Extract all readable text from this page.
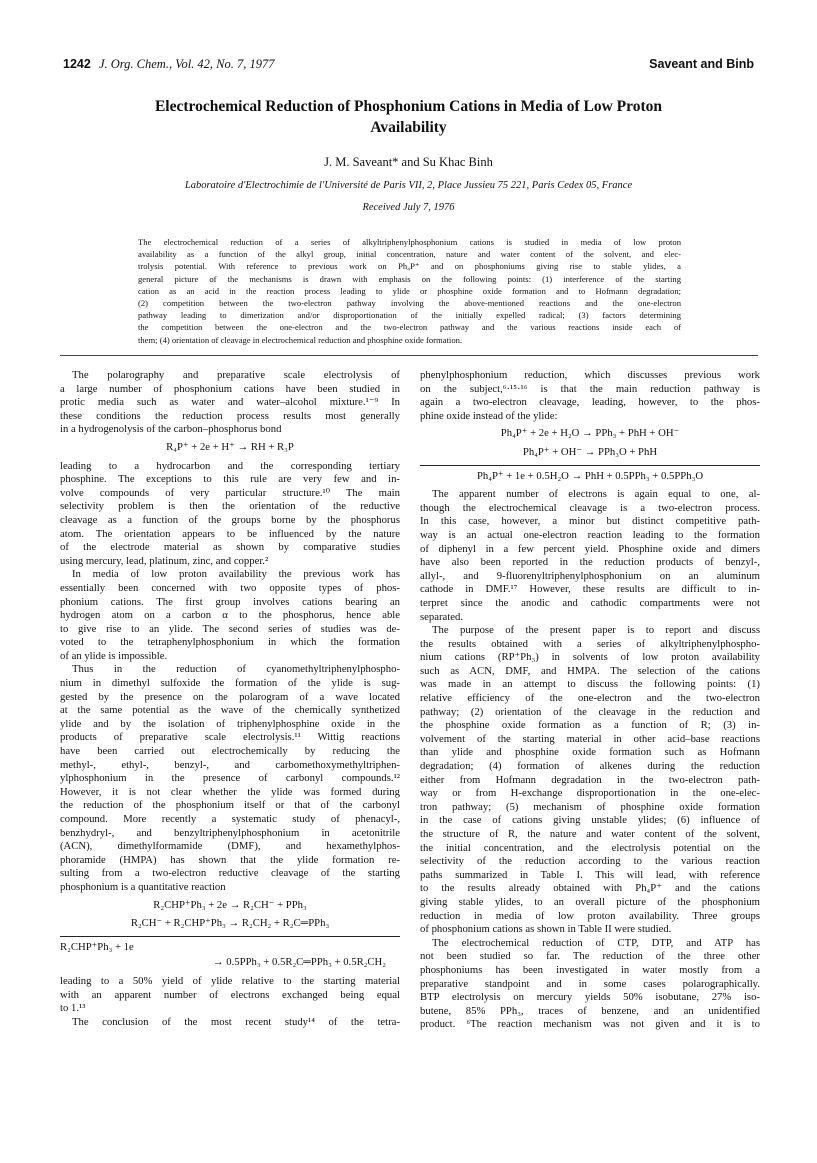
1242 J. Org. Chem., Vol. 42, No. 7, 1977	Saveant and Binb
Electrochemical Reduction of Phosphonium Cations in Media of Low Proton Availability
J. M. Saveant* and Su Khac Binh
Laboratoire d'Electrochimie de l'Université de Paris VII, 2, Place Jussieu 75 221, Paris Cedex 05, France
Received July 7, 1976
The electrochemical reduction of a series of alkyltriphenylphosphonium cations is studied in media of low proton
availability as a function of the alkyl group, initial concentration, nature and water content of the solvent, and elec-
trolysis potential. With reference to previous work on Ph₄P⁺ and on phosphoniums giving rise to stable ylides, a
general picture of the mechanisms is drawn with emphasis on the following points: (1) interference of the starting
cation as an acid in the reaction process leading to ylide or phosphine oxide formation and to Hofmann degradation;
(2) competition between the two-electron pathway involving the above-mentioned reactions and the one-electron
pathway leading to dimerization and/or disproportionation of the initially expelled radical; (3) factors determining
the competition between the one-electron and the two-electron pathway and the various reactions inside each of
them; (4) orientation of cleavage in electrochemical reduction and phosphine oxide formation.
The polarography and preparative scale electrolysis of
a large number of phosphonium cations have been studied in
protic media such as water and water–alcohol mixture.¹⁻⁹ In
these conditions the reduction process results most generally
in a hydrogenolysis of the carbon–phosphorus bond
R₄P⁺ + 2e + H⁺ → RH + R₃P
leading to a hydrocarbon and the corresponding tertiary
phosphine. The exceptions to this rule are very few and in-
volve compounds of very particular structure.¹⁰ The main
selectivity problem is then the orientation of the reductive
cleavage as a function of the groups borne by the phosphorus
atom. The orientation appears to be influenced by the nature
of the electrode material as shown by comparative studies
using mercury, lead, platinum, zinc, and copper.²
In media of low proton availability the previous work has
essentially been concerned with two opposite types of phos-
phonium cations. The first group involves cations bearing an
hydrogen atom on a carbon α to the phosphorus, hence able
to give rise to an ylide. The second series of studies was de-
voted to the tetraphenylphosphonium in which the formation
of an ylide is impossible.
Thus in the reduction of cyanomethyltriphenylphospho-
nium in dimethyl sulfoxide the formation of the ylide is sug-
gested by the presence on the polarogram of a wave located
at the same potential as the wave of the chemically synthetized
ylide and by the isolation of triphenylphosphine oxide in the
products of preparative scale electrolysis.¹¹ Wittig reactions
have been carried out electrochemically by reducing the
methyl-, ethyl-, benzyl-, and carbomethoxymethyltriphen-
ylphosphonium in the presence of carbonyl compounds.¹²
However, it is not clear whether the ylide was formed during
the reduction of the phosphonium itself or that of the carbonyl
compound. More recently a systematic study of phenacyl-,
benzhydryl-, and benzyltriphenylphosphonium in acetonitrile
(ACN), dimethylformamide (DMF), and hexamethylphos-
phoramide (HMPA) has shown that the ylide formation re-
sulting from a two-electron reductive cleavage of the starting
phosphonium is a quantitative reaction
R₂CHP⁺Ph₃ + 2e → R₂CH⁻ + PPh₃
R₂CH⁻ + R₂CHP⁺Ph₃ → R₂CH₂ + R₂C═PPh₃
R₂CHP⁺Ph₃ + 1e
→ 0.5PPh₃ + 0.5R₂C═PPh₃ + 0.5R₂CH₂
leading to a 50% yield of ylide relative to the starting material
with an apparent number of electrons exchanged being equal
to 1.¹³
The conclusion of the most recent study¹⁴ of the tetra-
phenylphosphonium reduction, which discusses previous work
on the subject,⁶·¹⁵·¹⁶ is that the main reduction pathway is
again a two-electron cleavage, leading, however, to the phos-
phine oxide instead of the ylide:
Ph₄P⁺ + 2e + H₂O → PPh₃ + PhH + OH⁻
Ph₄P⁺ + OH⁻ → PPh₃O + PhH
Ph₄P⁺ + 1e + 0.5H₂O → PhH + 0.5PPh₃ + 0.5PPh₃O
The apparent number of electrons is again equal to one, al-
though the electrochemical cleavage is a two-electron process.
In this case, however, a minor but distinct competitive path-
way is an actual one-electron reaction leading to the formation
of diphenyl in a few percent yield. Phosphine oxide and dimers
have also been reported in the reduction products of benzyl-,
allyl-, and 9-fluorenyltriphenylphosphonium on an aluminum
cathode in DMF.¹⁷ However, these results are difficult to in-
terpret since the anodic and cathodic compartments were not
separated.
The purpose of the present paper is to report and discuss
the results obtained with a series of alkyltriphenylphospho-
nium cations (RP⁺Ph₃) in solvents of low proton availability
such as ACN, DMF, and HMPA. The selection of the cations
was made in an attempt to discuss the following points: (1)
relative efficiency of the one-electron and the two-electron
pathway; (2) orientation of the cleavage in the reduction and
the phosphine oxide formation as a function of R; (3) in-
volvement of the starting material in other acid–base reactions
than ylide and phosphine oxide formation such as Hofmann
degradation; (4) formation of alkenes during the reduction
either from Hofmann degradation in the two-electron path-
way or from H-exchange disproportionation in the one-elec-
tron pathway; (5) mechanism of phosphine oxide formation
in the case of cations giving unstable ylides; (6) influence of
the structure of R, the nature and water content of the solvent,
the initial concentration, and the electrolysis potential on the
selectivity of the reduction according to the various reaction
paths summarized in Table I. This will lead, with reference
to the results already obtained with Ph₄P⁺ and the cations
giving stable ylides, to an overall picture of the phosphonium
reduction in media of low proton availability. Three groups
of phosphonium cations as shown in Table II were studied.
The electrochemical reduction of CTP, DTP, and ATP has
not been studied so far. The reduction of the three other
phosphoniums has been investigated in water mostly from a
preparative standpoint and in some cases polarographically.
BTP electrolysis on mercury yields 50% isobutane, 27% iso-
butene, 85% PPh₃, traces of benzene, and an unidentified
product. ⁶The reaction mechanism was not given and it is to
